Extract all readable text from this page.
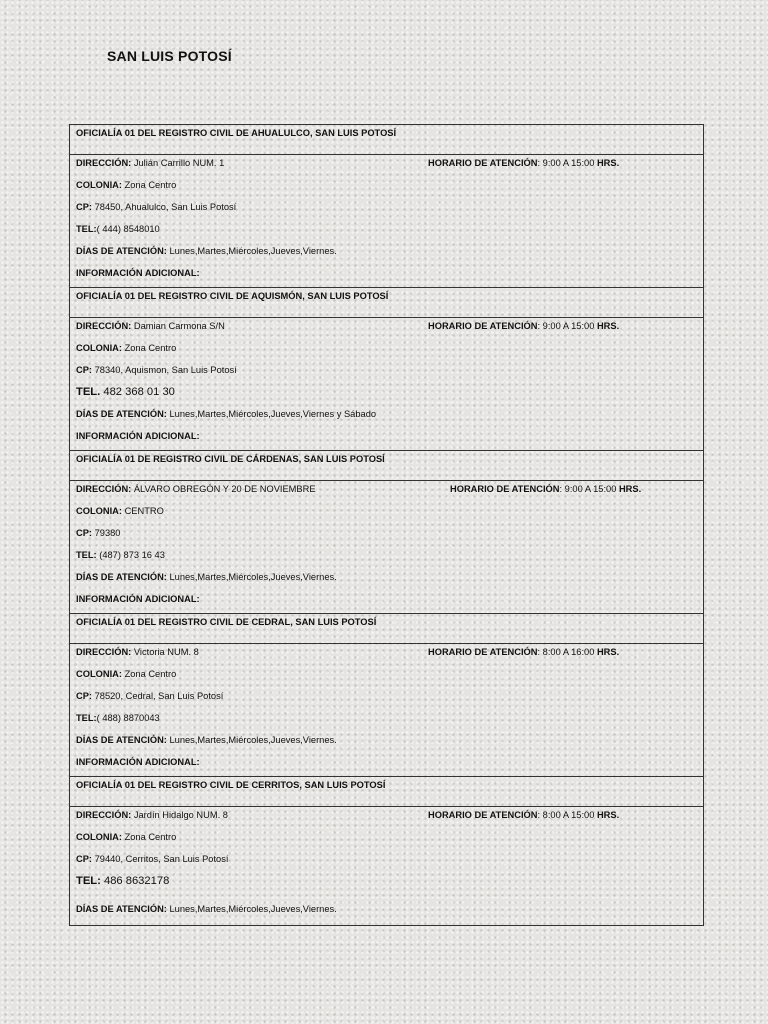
SAN LUIS POTOSÍ
OFICIALÍA 01 DEL REGISTRO CIVIL DE AHUALULCO, SAN LUIS POTOSÍ
DIRECCIÓN: Julián Carrillo NUM. 1	HORARIO DE ATENCIÓN: 9:00 A 15:00 HRS.
COLONIA: Zona Centro
CP: 78450, Ahualulco, San Luis Potosí
TEL:( 444) 8548010
DÍAS DE ATENCIÓN: Lunes,Martes,Miércoles,Jueves,Viernes.
INFORMACIÓN ADICIONAL:
OFICIALÍA 01 DEL REGISTRO CIVIL DE AQUISMÓN, SAN LUIS POTOSÍ
DIRECCIÓN: Damian Carmona S/N	HORARIO DE ATENCIÓN: 9:00 A 15:00 HRS.
COLONIA: Zona Centro
CP: 78340, Aquismon, San Luis Potosí
TEL. 482 368 01 30
DÍAS DE ATENCIÓN: Lunes,Martes,Miércoles,Jueves,Viernes y Sábado
INFORMACIÓN ADICIONAL:
OFICIALÍA 01 DE REGISTRO CIVIL DE CÁRDENAS, SAN LUIS POTOSÍ
DIRECCIÓN: ÁLVARO OBREGÓN Y 20 DE NOVIEMBRE	HORARIO DE ATENCIÓN: 9:00 A 15:00 HRS.
COLONIA: CENTRO
CP: 79380
TEL: (487) 873 16 43
DÍAS DE ATENCIÓN: Lunes,Martes,Miércoles,Jueves,Viernes.
INFORMACIÓN ADICIONAL:
OFICIALÍA 01 DEL REGISTRO CIVIL DE CEDRAL, SAN LUIS POTOSÍ
DIRECCIÓN: Victoria NUM. 8	HORARIO DE ATENCIÓN: 8:00 A 16:00 HRS.
COLONIA: Zona Centro
CP: 78520, Cedral, San Luis Potosí
TEL:( 488) 8870043
DÍAS DE ATENCIÓN: Lunes,Martes,Miércoles,Jueves,Viernes.
INFORMACIÓN ADICIONAL:
OFICIALÍA 01 DEL REGISTRO CIVIL DE CERRITOS, SAN LUIS POTOSÍ
DIRECCIÓN: Jardín Hidalgo NUM. 8	HORARIO DE ATENCIÓN: 8:00 A 15:00 HRS.
COLONIA: Zona Centro
CP: 79440, Cerritos, San Luis Potosí
TEL: 486 8632178
DÍAS DE ATENCIÓN: Lunes,Martes,Miércoles,Jueves,Viernes.
